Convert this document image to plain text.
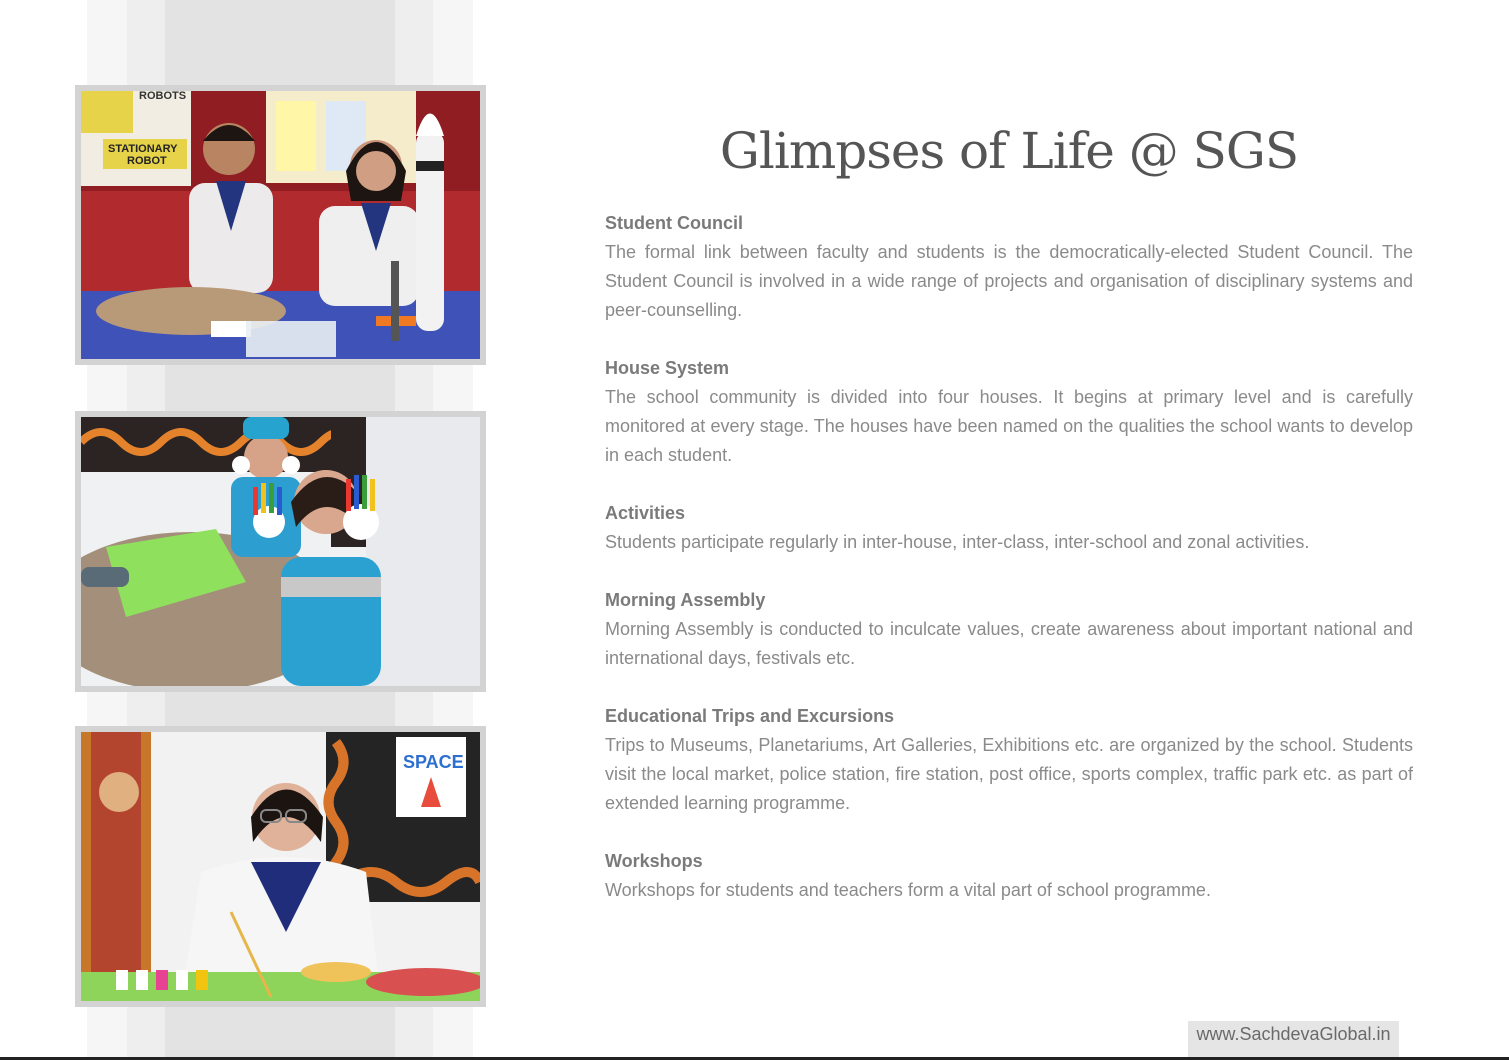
ROBOTS
STATIONARY
ROBOT
SPACE
Glimpses of Life @ SGS
Student Council

The formal link between faculty and students is the democratically-elected Student Council. The Student Council is involved in a wide range of projects and organisation of disciplinary systems and peer-counselling.

House System

The school community is divided into four houses. It begins at primary level and is carefully monitored at every stage. The houses have been named on the qualities the school wants to develop in each student.

Activities

Students participate regularly in inter-house, inter-class, inter-school and zonal activities.

Morning Assembly

Morning Assembly is conducted to inculcate values, create awareness about important national and international days, festivals etc.

Educational Trips and Excursions

Trips to Museums, Planetariums, Art Galleries, Exhibitions etc. are organized by the school. Students visit the local market, police station, fire station, post office, sports complex, traffic park etc. as part of extended learning programme.

Workshops

Workshops for students and teachers form a vital part of school programme.

www.SachdevaGlobal.in
